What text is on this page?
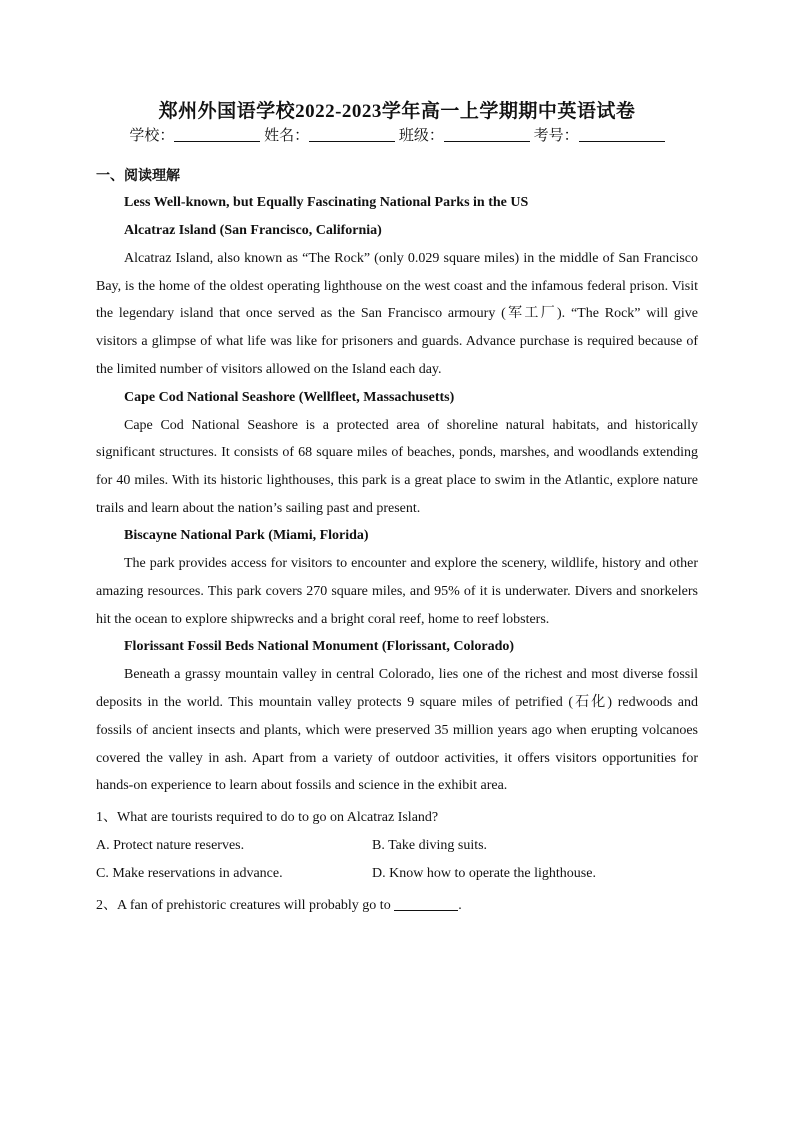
郑州外国语学校2022-2023学年高一上学期期中英语试卷
学校：	姓名：	班级：	考号：
一、阅读理解
Less Well-known, but Equally Fascinating National Parks in the US
Alcatraz Island (San Francisco, California)

Alcatraz Island, also known as “The Rock” (only 0.029 square miles) in the middle of San Francisco Bay, is the home of the oldest operating lighthouse on the west coast and the infamous federal prison. Visit the legendary island that once served as the San Francisco armoury (军工厂). “The Rock” will give visitors a glimpse of what life was like for prisoners and guards. Advance purchase is required because of the limited number of visitors allowed on the Island each day.

Cape Cod National Seashore (Wellfleet, Massachusetts)

Cape Cod National Seashore is a protected area of shoreline natural habitats, and historically significant structures. It consists of 68 square miles of beaches, ponds, marshes, and woodlands extending for 40 miles. With its historic lighthouses, this park is a great place to swim in the Atlantic, explore nature trails and learn about the nation’s sailing past and present.

Biscayne National Park (Miami, Florida)

The park provides access for visitors to encounter and explore the scenery, wildlife, history and other amazing resources. This park covers 270 square miles, and 95% of it is underwater. Divers and snorkelers hit the ocean to explore shipwrecks and a bright coral reef, home to reef lobsters.

Florissant Fossil Beds National Monument (Florissant, Colorado)

Beneath a grassy mountain valley in central Colorado, lies one of the richest and most diverse fossil deposits in the world. This mountain valley protects 9 square miles of petrified (石化) redwoods and fossils of ancient insects and plants, which were preserved 35 million years ago when erupting volcanoes covered the valley in ash. Apart from a variety of outdoor activities, it offers visitors opportunities for hands-on experience to learn about fossils and science in the exhibit area.

1、What are tourists required to do to go on Alcatraz Island?
A. Protect nature reserves.	B. Take diving suits.
C. Make reservations in advance.	D. Know how to operate the lighthouse.
2、A fan of prehistoric creatures will probably go to	.
